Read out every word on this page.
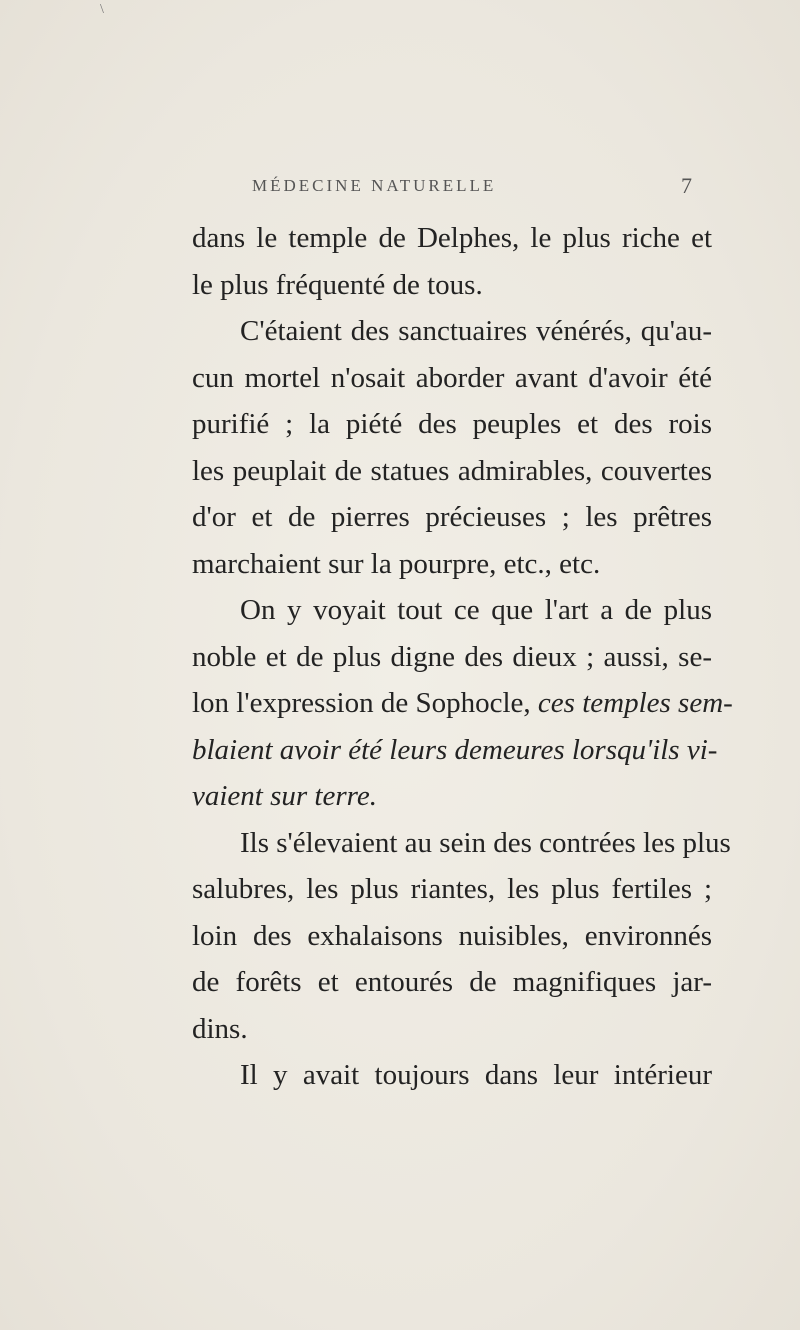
\
MÉDECINE NATURELLE	7
dans le temple de Delphes, le plus riche et
le plus fréquenté de tous.
C'étaient des sanctuaires vénérés, qu'au-
cun mortel n'osait aborder avant d'avoir été
purifié ; la piété des peuples et des rois
les peuplait de statues admirables, couvertes
d'or et de pierres précieuses ; les prêtres
marchaient sur la pourpre, etc., etc.
On y voyait tout ce que l'art a de plus
noble et de plus digne des dieux ; aussi, se-
lon l'expression de Sophocle, ces temples sem-
blaient avoir été leurs demeures lorsqu'ils vi-
vaient sur terre.
Ils s'élevaient au sein des contrées les plus
salubres, les plus riantes, les plus fertiles ;
loin des exhalaisons nuisibles, environnés
de forêts et entourés de magnifiques jar-
dins.
Il y avait toujours dans leur intérieur
